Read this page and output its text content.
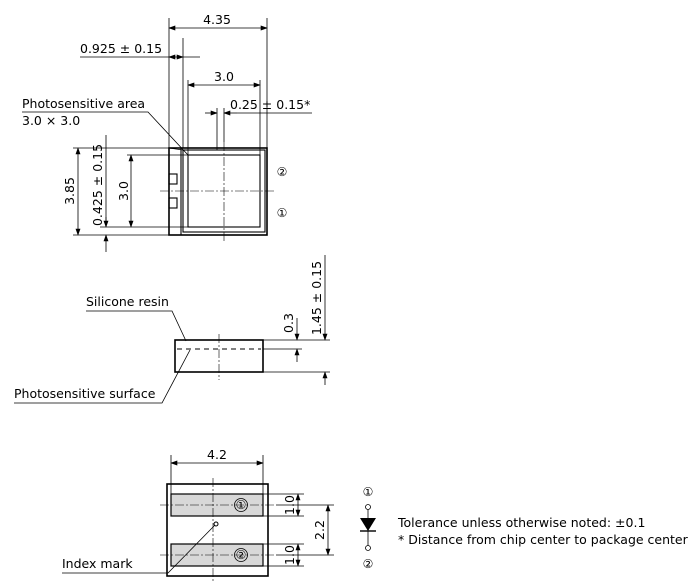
4.35
0.925 ± 0.15
3.0
0.25 ± 0.15*
Photosensitive area
3.0 × 3.0
3.85 0.425 ± 0.15 3.0
②
①
1.45 ± 0.15
0.3
Silicone resin
Photosensitive surface
①
②
4.2
1.0
1.0
2.2
Index mark
①
②
Tolerance unless otherwise noted: ±0.1
* Distance from chip center to package center
